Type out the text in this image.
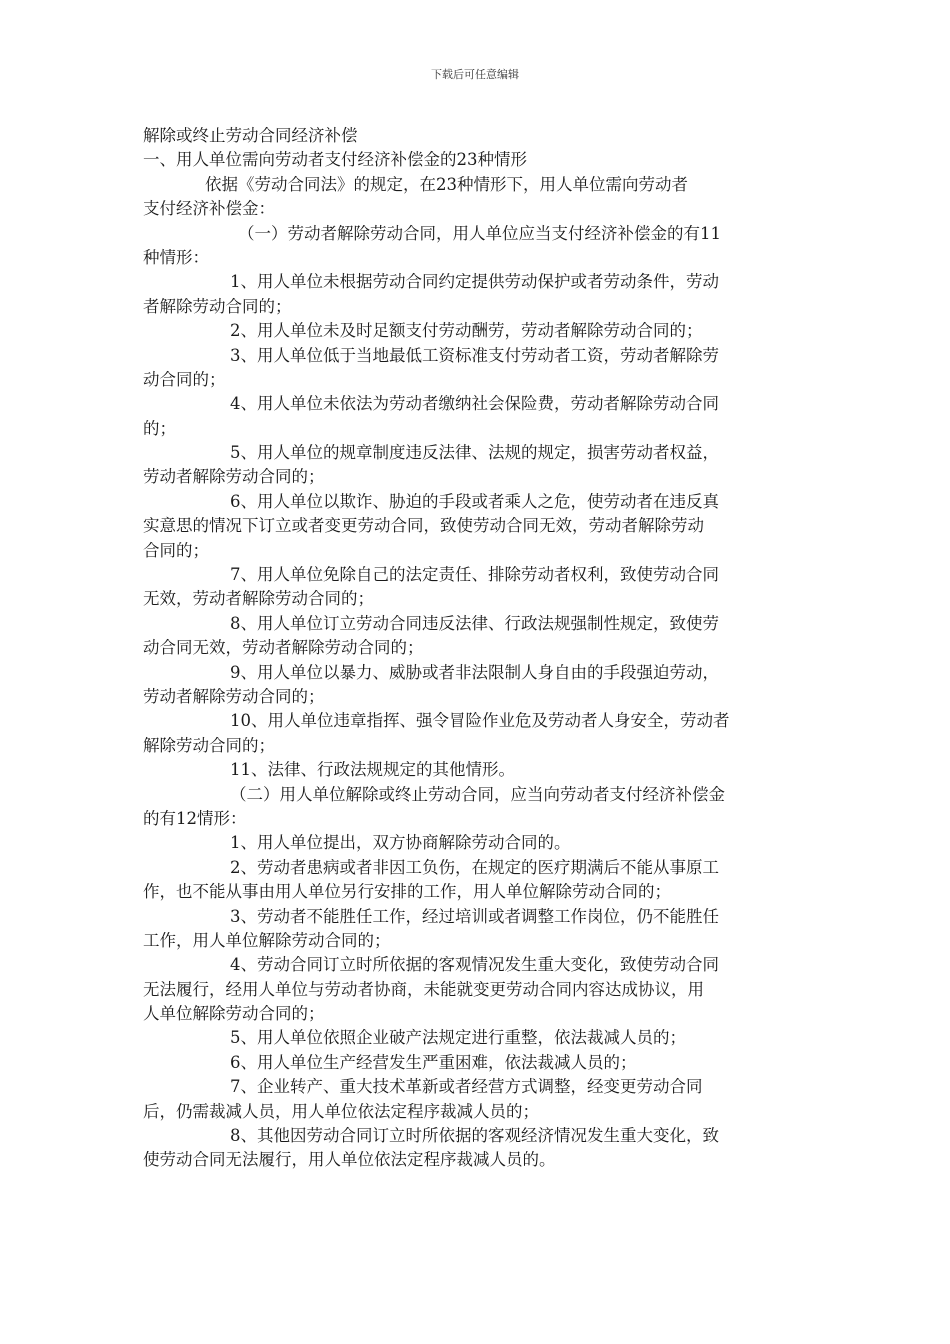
下载后可任意编辑
解除或终止劳动合同经济补偿
一、用人单位需向劳动者支付经济补偿金的23种情形
依据《劳动合同法》的规定，在23种情形下，用人单位需向劳动者
支付经济补偿金：
（一）劳动者解除劳动合同，用人单位应当支付经济补偿金的有11
种情形：
1、用人单位未根据劳动合同约定提供劳动保护或者劳动条件，劳动
者解除劳动合同的；
2、用人单位未及时足额支付劳动酬劳，劳动者解除劳动合同的；
3、用人单位低于当地最低工资标准支付劳动者工资，劳动者解除劳
动合同的；
4、用人单位未依法为劳动者缴纳社会保险费，劳动者解除劳动合同
的；
5、用人单位的规章制度违反法律、法规的规定，损害劳动者权益，
劳动者解除劳动合同的；
6、用人单位以欺诈、胁迫的手段或者乘人之危，使劳动者在违反真
实意思的情况下订立或者变更劳动合同，致使劳动合同无效，劳动者解除劳动
合同的；
7、用人单位免除自己的法定责任、排除劳动者权利，致使劳动合同
无效，劳动者解除劳动合同的；
8、用人单位订立劳动合同违反法律、行政法规强制性规定，致使劳
动合同无效，劳动者解除劳动合同的；
9、用人单位以暴力、威胁或者非法限制人身自由的手段强迫劳动，
劳动者解除劳动合同的；
10、用人单位违章指挥、强令冒险作业危及劳动者人身安全，劳动者
解除劳动合同的；
11、法律、行政法规规定的其他情形。
（二）用人单位解除或终止劳动合同，应当向劳动者支付经济补偿金
的有12情形：
1、用人单位提出，双方协商解除劳动合同的。
2、劳动者患病或者非因工负伤，在规定的医疗期满后不能从事原工
作，也不能从事由用人单位另行安排的工作，用人单位解除劳动合同的；
3、劳动者不能胜任工作，经过培训或者调整工作岗位，仍不能胜任
工作，用人单位解除劳动合同的；
4、劳动合同订立时所依据的客观情况发生重大变化，致使劳动合同
无法履行，经用人单位与劳动者协商，未能就变更劳动合同内容达成协议，用
人单位解除劳动合同的；
5、用人单位依照企业破产法规定进行重整，依法裁减人员的；
6、用人单位生产经营发生严重困难，依法裁减人员的；
7、企业转产、重大技术革新或者经营方式调整，经变更劳动合同
后，仍需裁减人员，用人单位依法定程序裁减人员的；
8、其他因劳动合同订立时所依据的客观经济情况发生重大变化，致
使劳动合同无法履行，用人单位依法定程序裁减人员的。
